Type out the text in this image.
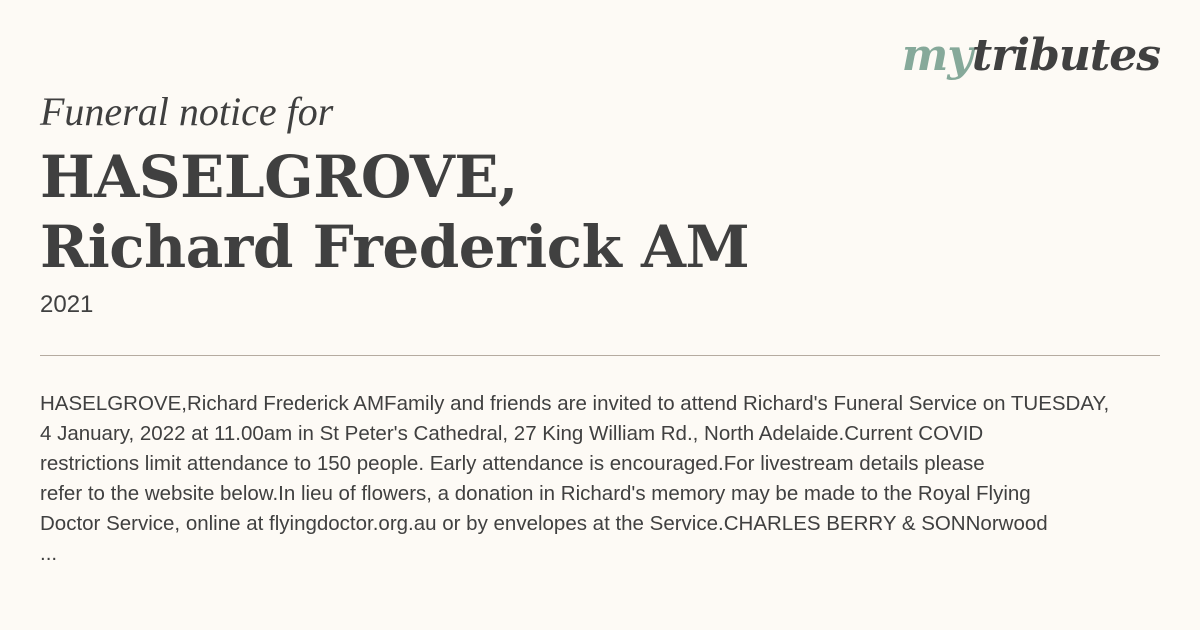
mytributes
Funeral notice for
HASELGROVE,
Richard Frederick AM
2021
HASELGROVE,Richard Frederick AMFamily and friends are invited to attend Richard's Funeral Service on TUESDAY,
4 January, 2022 at 11.00am in St Peter's Cathedral, 27 King William Rd., North Adelaide.Current COVID
restrictions limit attendance to 150 people. Early attendance is encouraged.For livestream details please
refer to the website below.In lieu of flowers, a donation in Richard's memory may be made to the Royal Flying
Doctor Service, online at flyingdoctor.org.au or by envelopes at the Service.CHARLES BERRY & SONNorwood
...
